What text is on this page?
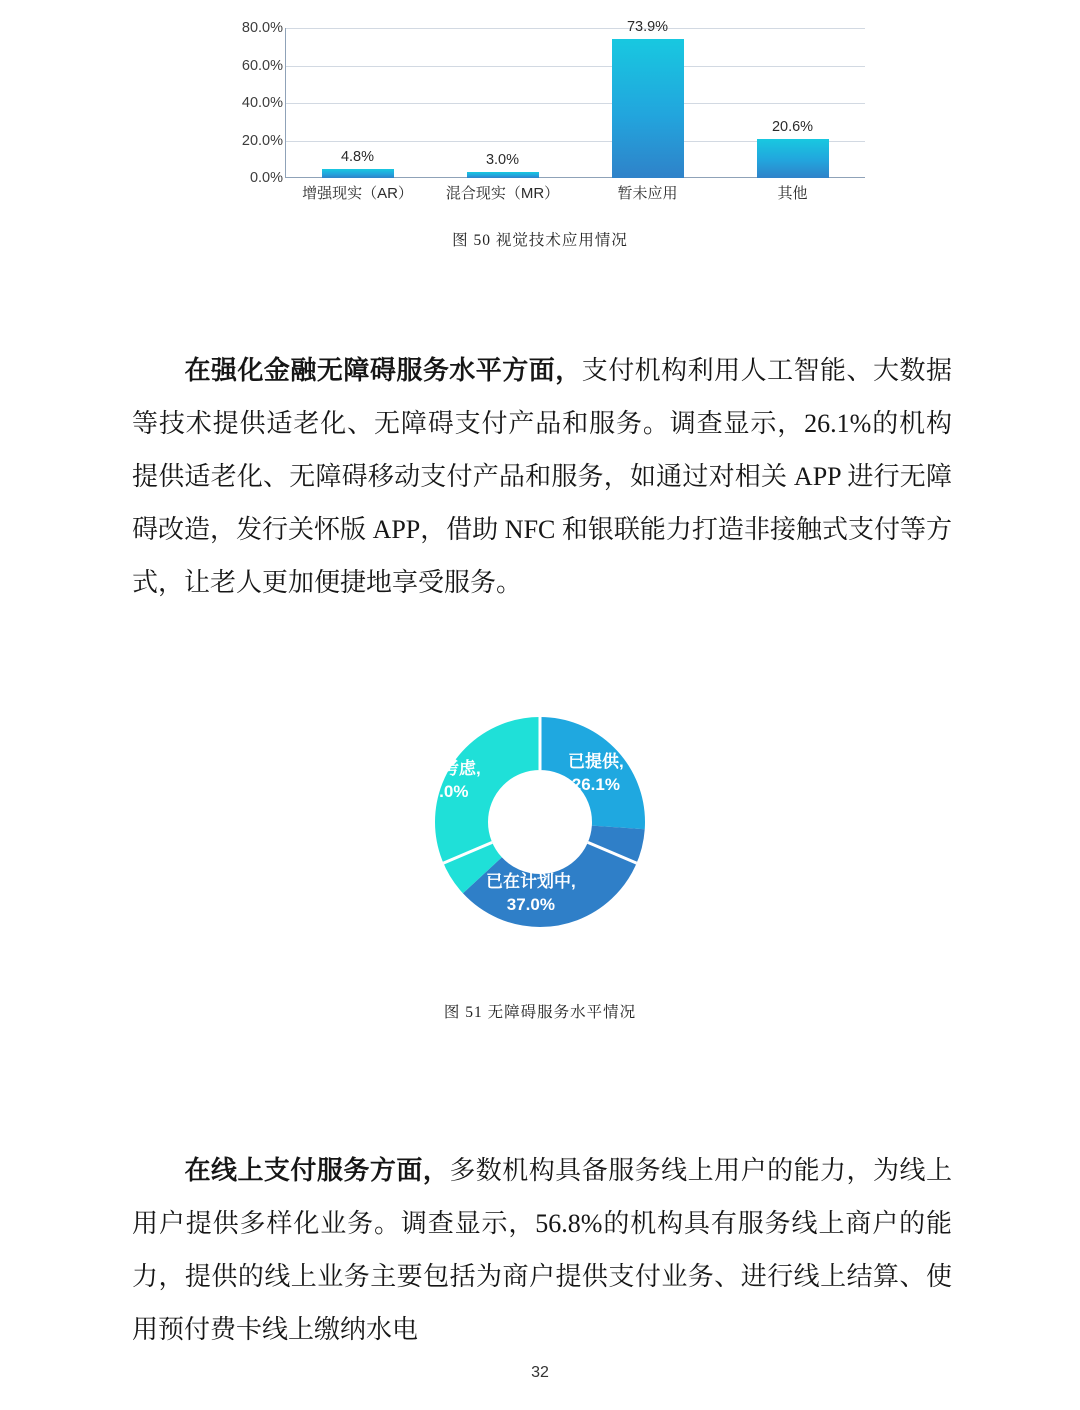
80.0%
60.0%
40.0%
20.0%
0.0%
4.8%	3.0%
73.9%
20.6%
增强现实（AR）	混合现实（MR）	暂未应用	其他
图 50 视觉技术应用情况

在强化金融无障碍服务水平方面，支付机构利用人工智能、大数据等技术提供适老化、无障碍支付产品和服务。调查显示，26.1%的机构提供适老化、无障碍移动支付产品和服务，如通过对相关 APP 进行无障碍改造，发行关怀版 APP，借助 NFC 和银联能力打造非接触式支付等方式，让老人更加便捷地享受服务。

已提供,
26.1%
已在计划中,
37.0%
尚未考虑,
37.0%
图 51 无障碍服务水平情况

在线上支付服务方面，多数机构具备服务线上用户的能力，为线上用户提供多样化业务。调查显示，56.8%的机构具有服务线上商户的能力，提供的线上业务主要包括为商户提供支付业务、进行线上结算、使用预付费卡线上缴纳水电

32
